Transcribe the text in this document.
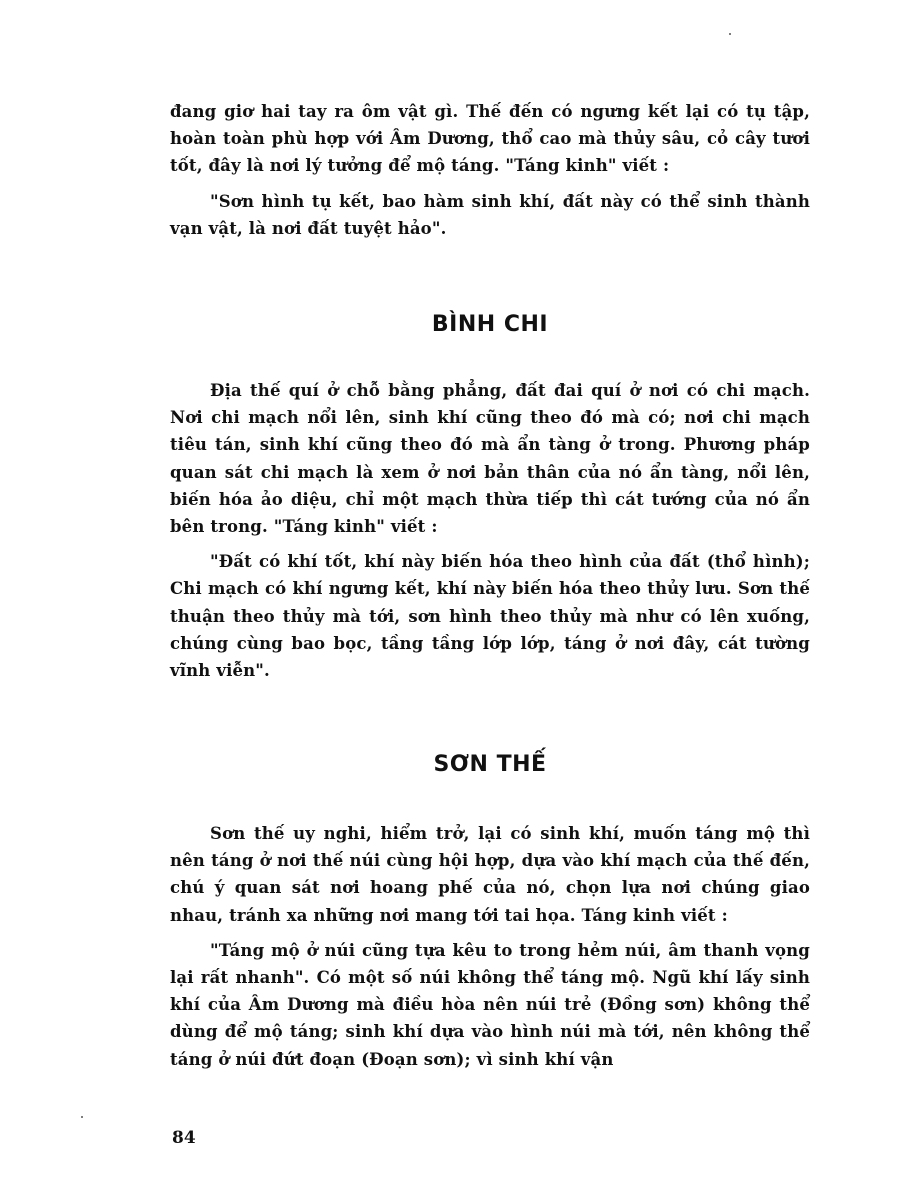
đang giơ hai tay ra ôm vật gì. Thế đến có ngưng kết lại có tụ tập, hoàn toàn phù hợp với Âm Dương, thổ cao mà thủy sâu, cỏ cây tươi tốt, đây là nơi lý tưởng để mộ táng. "Táng kinh" viết :

"Sơn hình tụ kết, bao hàm sinh khí, đất này có thể sinh thành vạn vật, là nơi đất tuyệt hảo".

BÌNH CHI

Địa thế quí ở chỗ bằng phẳng, đất đai quí ở nơi có chi mạch. Nơi chi mạch nổi lên, sinh khí cũng theo đó mà có; nơi chi mạch tiêu tán, sinh khí cũng theo đó mà ẩn tàng ở trong. Phương pháp quan sát chi mạch là xem ở nơi bản thân của nó ẩn tàng, nổi lên, biến hóa ảo diệu, chỉ một mạch thừa tiếp thì cát tướng của nó ẩn bên trong. "Táng kinh" viết :

"Đất có khí tốt, khí này biến hóa theo hình của đất (thổ hình); Chi mạch có khí ngưng kết, khí này biến hóa theo thủy lưu. Sơn thế thuận theo thủy mà tới, sơn hình theo thủy mà như có lên xuống, chúng cùng bao bọc, tầng tầng lớp lớp, táng ở nơi đây, cát tường vĩnh viễn".

SƠN THẾ

Sơn thế uy nghi, hiểm trở, lại có sinh khí, muốn táng mộ thì nên táng ở nơi thế núi cùng hội hợp, dựa vào khí mạch của thế đến, chú ý quan sát nơi hoang phế của nó, chọn lựa nơi chúng giao nhau, tránh xa những nơi mang tới tai họa. Táng kinh viết :

"Táng mộ ở núi cũng tựa kêu to trong hẻm núi, âm thanh vọng lại rất nhanh". Có một số núi không thể táng mộ. Ngũ khí lấy sinh khí của Âm Dương mà điều hòa nên núi trẻ (Đồng sơn) không thể dùng để mộ táng; sinh khí dựa vào hình núi mà tới, nên không thể táng ở núi đứt đoạn (Đoạn sơn); vì sinh khí vận

84
